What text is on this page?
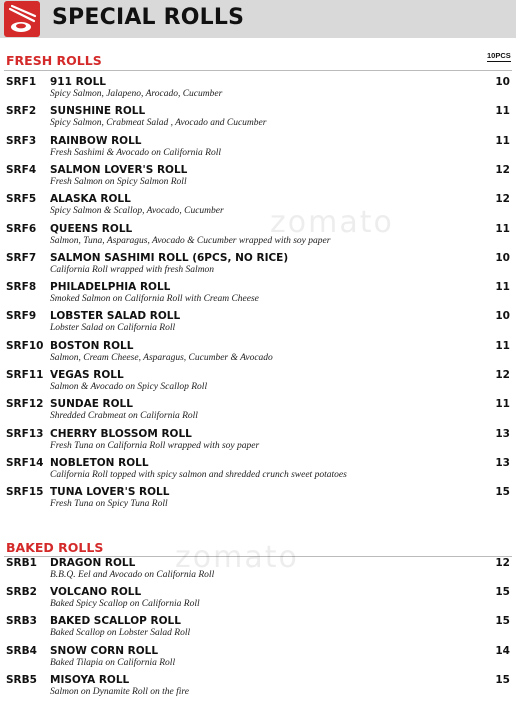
SPECIAL ROLLS
FRESH ROLLS	10PCS
SRF1 911 ROLL
Spicy Salmon, Jalapeno, Arocado, Cucumber
10
SRF2 SUNSHINE ROLL
Spicy Salmon, Crabmeat Salad , Avocado and Cucumber
11
SRF3 RAINBOW ROLL
Fresh Sashimi & Avocado on California Roll
11
SRF4 SALMON LOVER'S ROLL
Fresh Salmon on Spicy Salmon Roll
12
SRF5 ALASKA ROLL
Spicy Salmon & Scallop, Avocado, Cucumber
12
SRF6 QUEENS ROLL
Salmon, Tuna, Asparagus, Avocado & Cucumber wrapped with soy paper
11
SRF7 SALMON SASHIMI ROLL (6PCS, NO RICE)
California Roll wrapped with fresh Salmon
10
SRF8 PHILADELPHIA ROLL
Smoked Salmon on California Roll with Cream Cheese
11
SRF9 LOBSTER SALAD ROLL
Lobster Salad on California Roll
10
SRF10 BOSTON ROLL
Salmon, Cream Cheese, Asparagus, Cucumber & Avocado
11
SRF11 VEGAS ROLL
Salmon & Avocado on Spicy Scallop Roll
12
SRF12 SUNDAE ROLL
Shredded Crabmeat on California Roll
11
SRF13 CHERRY BLOSSOM ROLL
Fresh Tuna on California Roll wrapped with soy paper
13
SRF14 NOBLETON ROLL
California Roll topped with spicy salmon and shredded crunch sweet potatoes
13
SRF15 TUNA LOVER'S ROLL
Fresh Tuna on Spicy Tuna Roll
15
BAKED ROLLS
SRB1 DRAGON ROLL
B.B.Q. Eel and Avocado on California Roll
12
SRB2 VOLCANO ROLL
Baked Spicy Scallop on California Roll
15
SRB3 BAKED SCALLOP ROLL
Baked Scallop on Lobster Salad Roll
15
SRB4 SNOW CORN ROLL
Baked Tilapia on California Roll
14
SRB5 MISOYA ROLL
Salmon on Dynamite Roll on the fire
15
zomato
zomato
